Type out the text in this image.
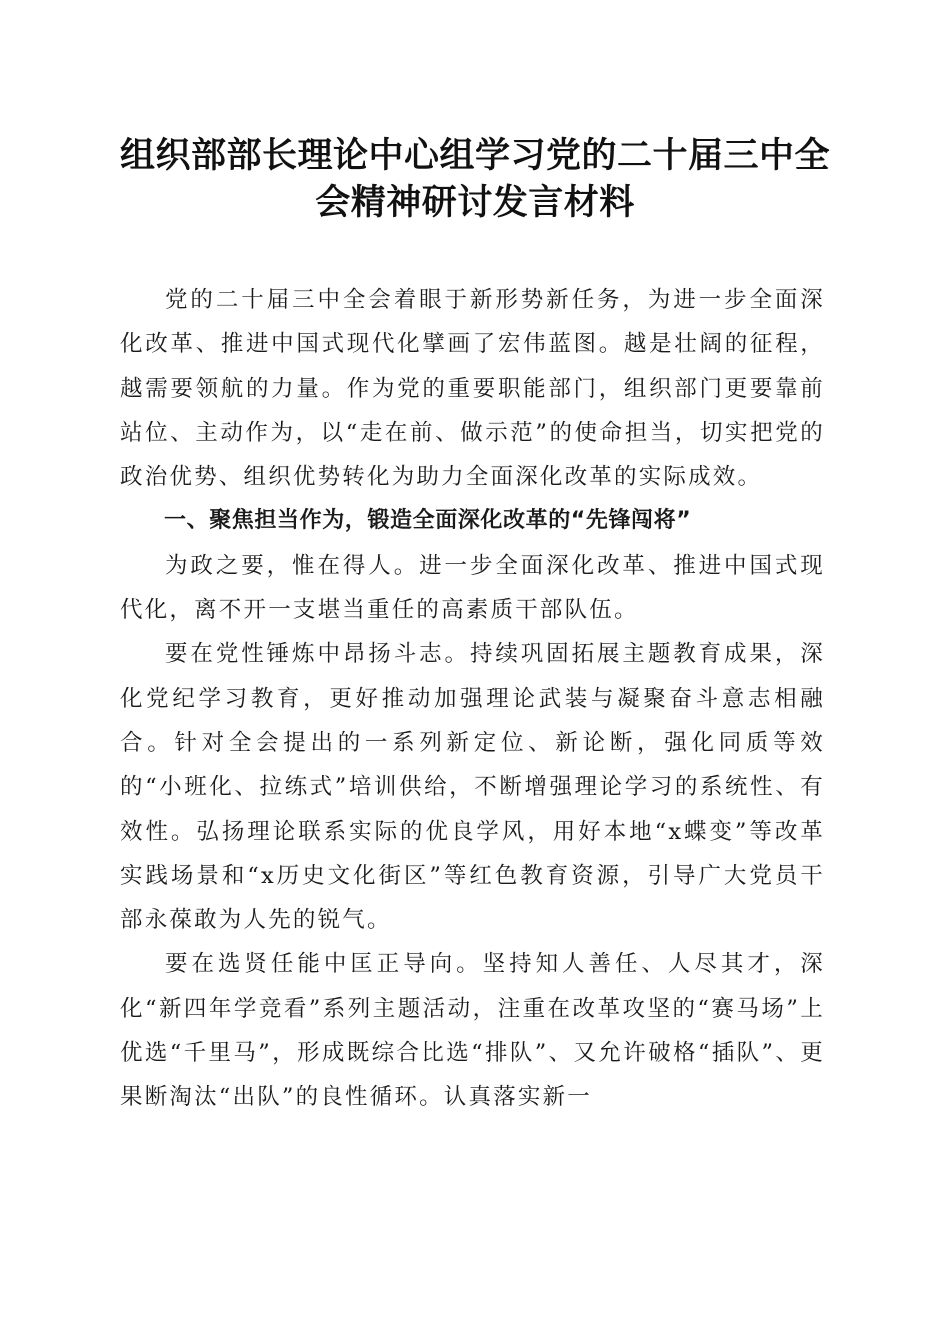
组织部部长理论中心组学习党的二十届三中全
会精神研讨发言材料

党的二十届三中全会着眼于新形势新任务，为进一步全面深化改革、推进中国式现代化擘画了宏伟蓝图。越是壮阔的征程，越需要领航的力量。作为党的重要职能部门，组织部门更要靠前站位、主动作为，以“走在前、做示范”的使命担当，切实把党的政治优势、组织优势转化为助力全面深化改革的实际成效。

一、聚焦担当作为，锻造全面深化改革的“先锋闯将”

为政之要，惟在得人。进一步全面深化改革、推进中国式现代化，离不开一支堪当重任的高素质干部队伍。

要在党性锤炼中昂扬斗志。持续巩固拓展主题教育成果，深化党纪学习教育，更好推动加强理论武装与凝聚奋斗意志相融合。针对全会提出的一系列新定位、新论断，强化同质等效的“小班化、拉练式”培训供给，不断增强理论学习的系统性、有效性。弘扬理论联系实际的优良学风，用好本地“x蝶变”等改革实践场景和“x历史文化街区”等红色教育资源，引导广大党员干部永葆敢为人先的锐气。

要在选贤任能中匡正导向。坚持知人善任、人尽其才，深化“新四年学竞看”系列主题活动，注重在改革攻坚的“赛马场”上优选“千里马”，形成既综合比选“排队”、又允许破格“插队”、更果断淘汰“出队”的良性循环。认真落实新一
